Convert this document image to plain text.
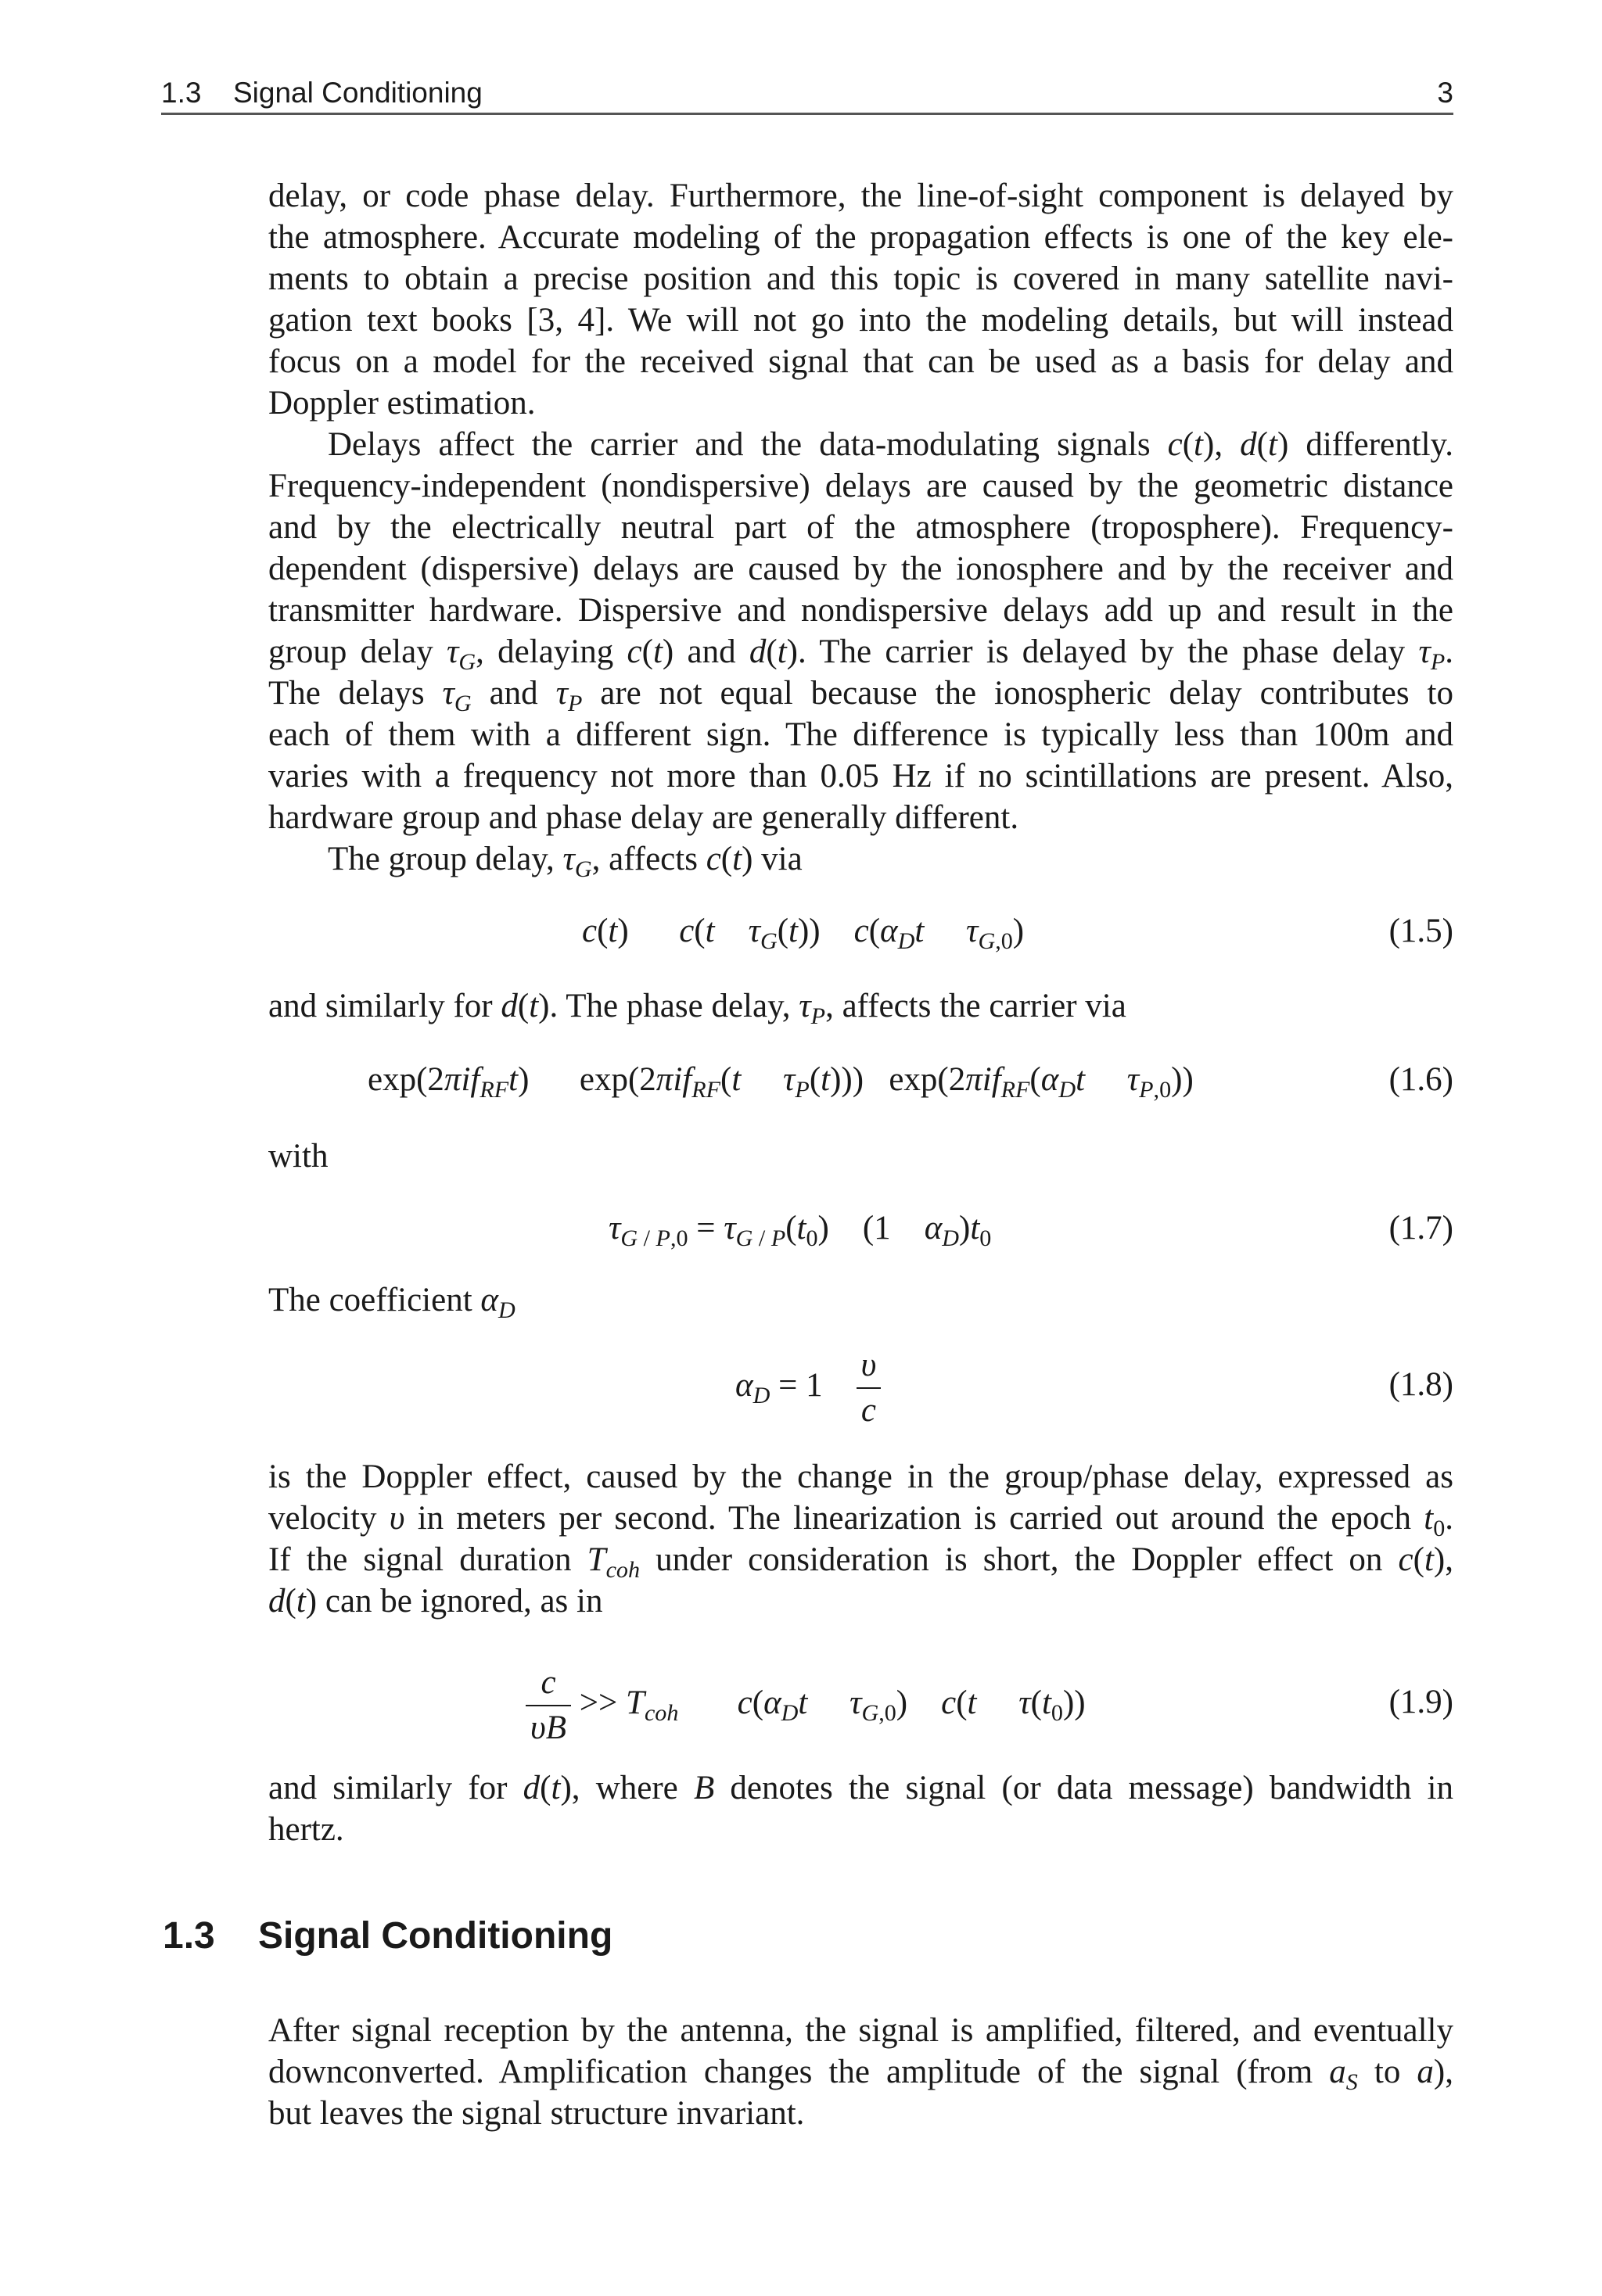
1.3 Signal Conditioning	3
delay, or code phase delay. Furthermore, the line-of-sight component is delayed by
the atmosphere. Accurate modeling of the propagation effects is one of the key ele-
ments to obtain a precise position and this topic is covered in many satellite navi-
gation text books [3, 4]. We will not go into the modeling details, but will instead
focus on a model for the received signal that can be used as a basis for delay and
Doppler estimation.
Delays affect the carrier and the data-modulating signals c(t), d(t) differently.
Frequency-independent (nondispersive) delays are caused by the geometric distance
and by the electrically neutral part of the atmosphere (troposphere). Frequency-
dependent (dispersive) delays are caused by the ionosphere and by the receiver and
transmitter hardware. Dispersive and nondispersive delays add up and result in the
group delay $\tau_G$, delaying c(t) and d(t). The carrier is delayed by the phase delay $\tau_P$.
The delays $\tau_G$ and $\tau_P$ are not equal because the ionospheric delay contributes to
each of them with a different sign. The difference is typically less than 100m and
varies with a frequency not more than 0.05 Hz if no scintillations are present. Also,
hardware group and phase delay are generally different.
The group delay, $\tau_G$, affects c(t) via
c(t)      c(t    $\tau_G(t)$)    $c(\alpha_Dt$     $\tau_{G,0}$)	(1.5)
and similarly for d(t). The phase delay, $\tau_P$, affects the carrier via
exp(2πif$_{RF}$t) exp(2πif$_{RF}$(t     $\tau_P(t)$)) $\exp(2\pi if_{RF}(\alpha_Dt$     $\tau_{P,0}$))	(1.6)
with
$\tau_{G / P,0} = \tau_{G / P}(t_0)$    (1    $\alpha_D)t_0$	(1.7)
The coefficient $\alpha_D$
$\alpha_D = 1 \frac{\upsilon}{c}$	(1.8)
is the Doppler effect, caused by the change in the group/phase delay, expressed as
velocity υ in meters per second. The linearization is carried out around the epoch $t_0$.
If the signal duration $T_{coh}$ under consideration is short, the Doppler effect on c(t),
d(t) can be ignored, as in
$\frac{c}{\upsilon B} >> T_{coh}$       $c(\alpha_Dt$     $\tau_{G,0}$)    c(t     $\tau(t_0)$)	(1.9)
and similarly for d(t), where B denotes the signal (or data message) bandwidth in
hertz.
1.3 Signal Conditioning
After signal reception by the antenna, the signal is amplified, filtered, and eventually
downconverted. Amplification changes the amplitude of the signal (from $a_S$ to a),
but leaves the signal structure invariant.
